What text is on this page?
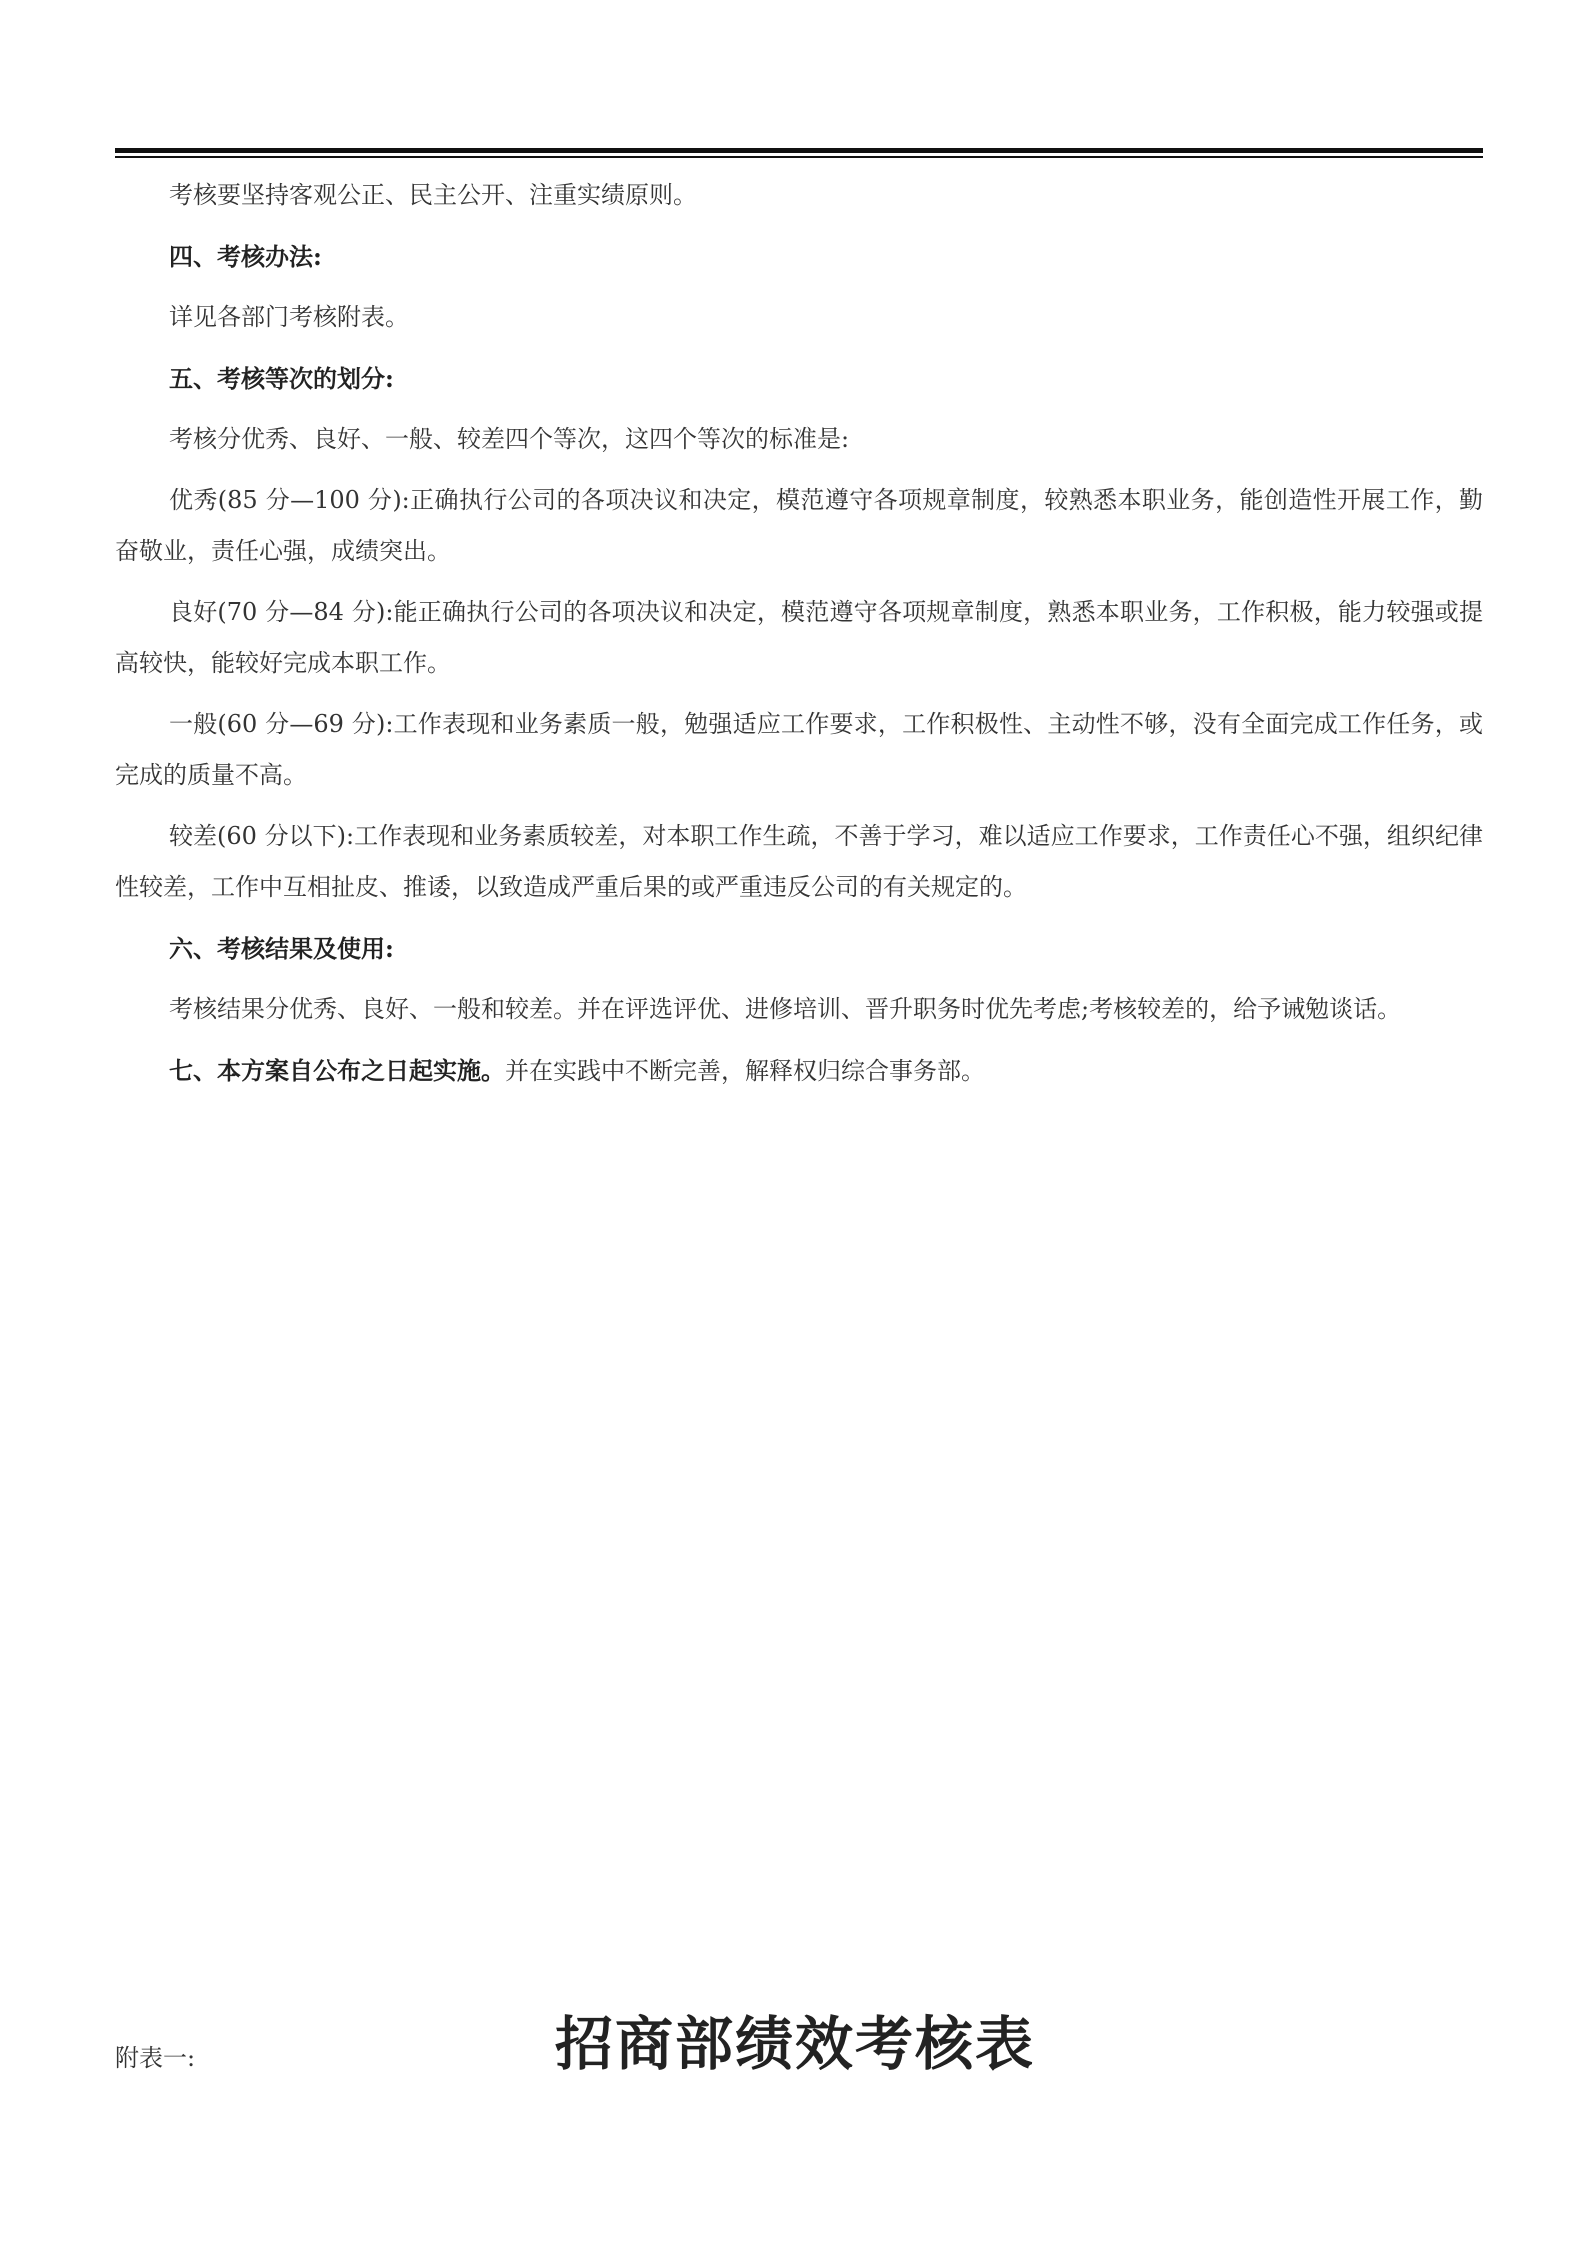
考核要坚持客观公正、民主公开、注重实绩原则。

四、考核办法:

详见各部门考核附表。

五、考核等次的划分:

考核分优秀、良好、一般、较差四个等次，这四个等次的标准是:

优秀(85 分—100 分):正确执行公司的各项决议和决定，模范遵守各项规章制度，较熟悉本职业务，能创造性开展工作，勤奋敬业，责任心强，成绩突出。

良好(70 分—84 分):能正确执行公司的各项决议和决定，模范遵守各项规章制度，熟悉本职业务，工作积极，能力较强或提高较快，能较好完成本职工作。

一般(60 分—69 分):工作表现和业务素质一般，勉强适应工作要求，工作积极性、主动性不够，没有全面完成工作任务，或完成的质量不高。

较差(60 分以下):工作表现和业务素质较差，对本职工作生疏，不善于学习，难以适应工作要求，工作责任心不强，组织纪律性较差，工作中互相扯皮、推诿，以致造成严重后果的或严重违反公司的有关规定的。

六、考核结果及使用:

考核结果分优秀、良好、一般和较差。并在评选评优、进修培训、晋升职务时优先考虑;考核较差的，给予诫勉谈话。

七、本方案自公布之日起实施。并在实践中不断完善，解释权归综合事务部。

附表一:	招商部绩效考核表
